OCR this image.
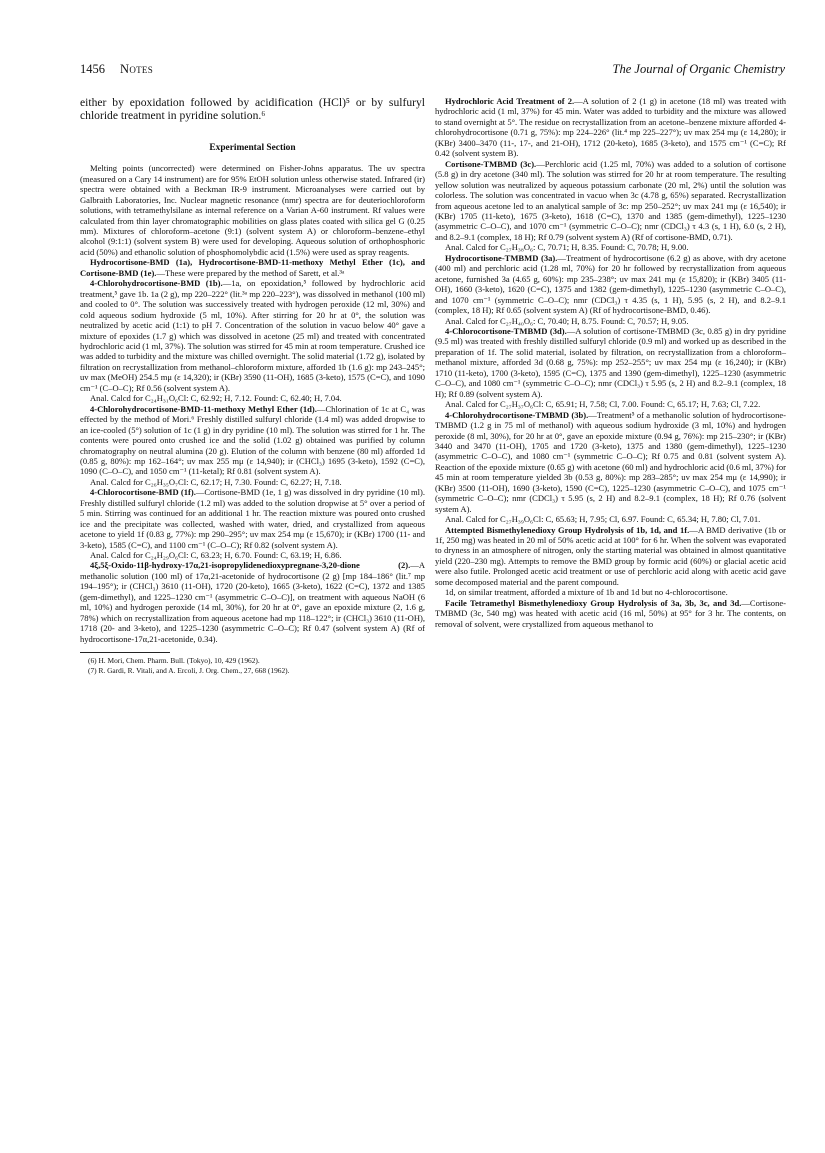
1456 Notes	The Journal of Organic Chemistry

either by epoxidation followed by acidification (HCl)⁵ or by sulfuryl chloride treatment in pyridine solution.⁶

Experimental Section

Melting points (uncorrected) were determined on Fisher-Johns apparatus. The uv spectra (measured on a Cary 14 instrument) are for 95% EtOH solution unless otherwise stated. Infrared (ir) spectra were obtained with a Beckman IR-9 instrument. Microanalyses were carried out by Galbraith Laboratories, Inc. Nuclear magnetic resonance (nmr) spectra are for deuteriochloroform solutions, with tetramethylsilane as internal reference on a Varian A-60 instrument. Rf values were calculated from thin layer chromatographic mobilities on glass plates coated with silica gel G (0.25 mm). Mixtures of chloroform–acetone (9:1) (solvent system A) or chloroform–benzene–ethyl alcohol (9:1:1) (solvent system B) were used for developing. Aqueous solution of orthophosphoric acid (50%) and ethanolic solution of phosphomolybdic acid (1.5%) were used as spray reagents.

Hydrocortisone-BMD (1a), Hydrocortisone-BMD-11-methoxy Methyl Ether (1c), and Cortisone-BMD (1e).—These were prepared by the method of Sarett, et al.³ᵃ

4-Chlorohydrocortisone-BMD (1b).—1a, on epoxidation,⁵ followed by hydrochloric acid treatment,⁵ gave 1b. 1a (2 g), mp 220–222° (lit.³ᵃ mp 220–223°), was dissolved in methanol (100 ml) and cooled to 0°. The solution was successively treated with hydrogen peroxide (12 ml, 30%) and cold aqueous sodium hydroxide (5 ml, 10%). After stirring for 20 hr at 0°, the solution was neutralized by acetic acid (1:1) to pH 7. Concentration of the solution in vacuo below 40° gave a mixture of epoxides (1.7 g) which was dissolved in acetone (25 ml) and treated with concentrated hydrochloric acid (1 ml, 37%). The solution was stirred for 45 min at room temperature. Crushed ice was added to turbidity and the mixture was chilled overnight. The solid material (1.72 g), isolated by filtration on recrystallization from methanol–chloroform mixture, afforded 1b (1.6 g): mp 243–245°; uv max (MeOH) 254.5 mμ (ε 14,320); ir (KBr) 3590 (11-OH), 1685 (3-keto), 1575 (C=C), and 1090 cm⁻¹ (C–O–C); Rf 0.56 (solvent system A).

Anal. Calcd for C₂₄H₃₁O₆Cl: C, 62.92; H, 7.12. Found: C, 62.40; H, 7.04.

4-Chlorohydrocortisone-BMD-11-methoxy Methyl Ether (1d).—Chlorination of 1c at C₄ was effected by the method of Mori.⁶ Freshly distilled sulfuryl chloride (1.4 ml) was added dropwise to an ice-cooled (5°) solution of 1c (1 g) in dry pyridine (10 ml). The solution was stirred for 1 hr. The contents were poured onto crushed ice and the solid (1.02 g) obtained was purified by column chromatography on neutral alumina (20 g). Elution of the column with benzene (80 ml) afforded 1d (0.85 g, 80%): mp 162–164°; uv max 255 mμ (ε 14,940); ir (CHCl₃) 1695 (3-keto), 1592 (C=C), 1090 (C–O–C), and 1050 cm⁻¹ (11-ketal); Rf 0.81 (solvent system A).

Anal. Calcd for C₂₆H₃₅O₇Cl: C, 62.17; H, 7.30. Found: C, 62.27; H, 7.18.

4-Chlorocortisone-BMD (1f).—Cortisone-BMD (1e, 1 g) was dissolved in dry pyridine (10 ml). Freshly distilled sulfuryl chloride (1.2 ml) was added to the solution dropwise at 5° over a period of 5 min. Stirring was continued for an additional 1 hr. The reaction mixture was poured onto crushed ice and the precipitate was collected, washed with water, dried, and crystallized from aqueous acetone to yield 1f (0.83 g, 77%): mp 290–295°; uv max 254 mμ (ε 15,670); ir (KBr) 1700 (11- and 3-keto), 1585 (C=C), and 1100 cm⁻¹ (C–O–C); Rf 0.82 (solvent system A).

Anal. Calcd for C₂₄H₂₉O₆Cl: C, 63.23; H, 6.70. Found: C, 63.19; H, 6.86.

4ξ,5ξ-Oxido-11β-hydroxy-17α,21-isopropylidenedioxypregnane-3,20-dione (2).—A methanolic solution (100 ml) of 17α,21-acetonide of hydrocortisone (2 g) [mp 184–186° (lit.⁷ mp 194–195°); ir (CHCl₃) 3610 (11-OH), 1720 (20-keto), 1665 (3-keto), 1622 (C=C), 1372 and 1385 (gem-dimethyl), and 1225–1230 cm⁻¹ (asymmetric C–O–C)], on treatment with aqueous NaOH (6 ml, 10%) and hydrogen peroxide (14 ml, 30%), for 20 hr at 0°, gave an epoxide mixture (2, 1.6 g, 78%) which on recrystallization from aqueous acetone had mp 118–122°; ir (CHCl₃) 3610 (11-OH), 1718 (20- and 3-keto), and 1225–1230 (asymmetric C–O–C); Rf 0.47 (solvent system A) (Rf of hydrocortisone-17α,21-acetonide, 0.34).

(6) H. Mori, Chem. Pharm. Bull. (Tokyo), 10, 429 (1962).

(7) R. Gardi, R. Vitali, and A. Ercoli, J. Org. Chem., 27, 668 (1962).

Hydrochloric Acid Treatment of 2.—A solution of 2 (1 g) in acetone (18 ml) was treated with hydrochloric acid (1 ml, 37%) for 45 min. Water was added to turbidity and the mixture was allowed to stand overnight at 5°. The residue on recrystallization from an acetone–benzene mixture afforded 4-chlorohydrocortisone (0.71 g, 75%): mp 224–226° (lit.⁴ mp 225–227°); uv max 254 mμ (ε 14,280); ir (KBr) 3400–3470 (11-, 17-, and 21-OH), 1712 (20-keto), 1685 (3-keto), and 1575 cm⁻¹ (C=C); Rf 0.42 (solvent system B).

Cortisone-TMBMD (3c).—Perchloric acid (1.25 ml, 70%) was added to a solution of cortisone (5.8 g) in dry acetone (340 ml). The solution was stirred for 20 hr at room temperature. The resulting yellow solution was neutralized by aqueous potassium carbonate (20 ml, 2%) until the solution was colorless. The solution was concentrated in vacuo when 3c (4.78 g, 65%) separated. Recrystallization from aqueous acetone led to an analytical sample of 3c: mp 250–252°; uv max 241 mμ (ε 16,540); ir (KBr) 1705 (11-keto), 1675 (3-keto), 1618 (C=C), 1370 and 1385 (gem-dimethyl), 1225–1230 (asymmetric C–O–C), and 1070 cm⁻¹ (symmetric C–O–C); nmr (CDCl₃) τ 4.3 (s, 1 H), 6.0 (s, 2 H), and 8.2–9.1 (complex, 18 H); Rf 0.79 (solvent system A) (Rf of cortisone-BMD, 0.71).

Anal. Calcd for C₂₇H₃₈O₆: C, 70.71; H, 8.35. Found: C, 70.78; H, 9.00.

Hydrocortisone-TMBMD (3a).—Treatment of hydrocortisone (6.2 g) as above, with dry acetone (400 ml) and perchloric acid (1.28 ml, 70%) for 20 hr followed by recrystallization from aqueous acetone, furnished 3a (4.65 g, 60%): mp 235–238°; uv max 241 mμ (ε 15,820); ir (KBr) 3405 (11-OH), 1660 (3-keto), 1620 (C=C), 1375 and 1382 (gem-dimethyl), 1225–1230 (asymmetric C–O–C), and 1070 cm⁻¹ (symmetric C–O–C); nmr (CDCl₃) τ 4.35 (s, 1 H), 5.95 (s, 2 H), and 8.2–9.1 (complex, 18 H); Rf 0.65 (solvent system A) (Rf of hydrocortisone-BMD, 0.46).

Anal. Calcd for C₂₇H₄₀O₆: C, 70.40; H, 8.75. Found: C, 70.57; H, 9.05.

4-Chlorocortisone-TMBMD (3d).—A solution of cortisone-TMBMD (3c, 0.85 g) in dry pyridine (9.5 ml) was treated with freshly distilled sulfuryl chloride (0.9 ml) and worked up as described in the preparation of 1f. The solid material, isolated by filtration, on recrystallization from a chloroform–methanol mixture, afforded 3d (0.68 g, 75%): mp 252–255°; uv max 254 mμ (ε 16,240); ir (KBr) 1710 (11-keto), 1700 (3-keto), 1595 (C=C), 1375 and 1390 (gem-dimethyl), 1225–1230 (asymmetric C–O–C), and 1080 cm⁻¹ (symmetric C–O–C); nmr (CDCl₃) τ 5.95 (s, 2 H) and 8.2–9.1 (complex, 18 H); Rf 0.89 (solvent system A).

Anal. Calcd for C₂₇H₃₇O₆Cl: C, 65.91; H, 7.58; Cl, 7.00. Found: C, 65.17; H, 7.63; Cl, 7.22.

4-Chlorohydrocortisone-TMBMD (3b).—Treatment⁵ of a methanolic solution of hydrocortisone-TMBMD (1.2 g in 75 ml of methanol) with aqueous sodium hydroxide (3 ml, 10%) and hydrogen peroxide (8 ml, 30%), for 20 hr at 0°, gave an epoxide mixture (0.94 g, 76%): mp 215–230°; ir (KBr) 3440 and 3470 (11-OH), 1705 and 1720 (3-keto), 1375 and 1380 (gem-dimethyl), 1225–1230 (asymmetric C–O–C), and 1080 cm⁻¹ (symmetric C–O–C); Rf 0.75 and 0.81 (solvent system A). Reaction of the epoxide mixture (0.65 g) with acetone (60 ml) and hydrochloric acid (0.6 ml, 37%) for 45 min at room temperature yielded 3b (0.53 g, 80%): mp 283–285°; uv max 254 mμ (ε 14,990); ir (KBr) 3500 (11-OH), 1690 (3-keto), 1590 (C=C), 1225–1230 (asymmetric C–O–C), and 1075 cm⁻¹ (symmetric C–O–C); nmr (CDCl₃) τ 5.95 (s, 2 H) and 8.2–9.1 (complex, 18 H); Rf 0.76 (solvent system A).

Anal. Calcd for C₂₇H₃₉O₆Cl: C, 65.63; H, 7.95; Cl, 6.97. Found: C, 65.34; H, 7.80; Cl, 7.01.

Attempted Bismethylenedioxy Group Hydrolysis of 1b, 1d, and 1f.—A BMD derivative (1b or 1f, 250 mg) was heated in 20 ml of 50% acetic acid at 100° for 6 hr. When the solvent was evaporated to dryness in an atmosphere of nitrogen, only the starting material was obtained in almost quantitative yield (220–230 mg). Attempts to remove the BMD group by formic acid (60%) or glacial acetic acid were also futile. Prolonged acetic acid treatment or use of perchloric acid along with acetic acid gave some decomposed material and the parent compound.

1d, on similar treatment, afforded a mixture of 1b and 1d but no 4-chlorocortisone.

Facile Tetramethyl Bismethylenedioxy Group Hydrolysis of 3a, 3b, 3c, and 3d.—Cortisone-TMBMD (3c, 540 mg) was heated with acetic acid (16 ml, 50%) at 95° for 3 hr. The contents, on removal of solvent, were crystallized from aqueous methanol to
